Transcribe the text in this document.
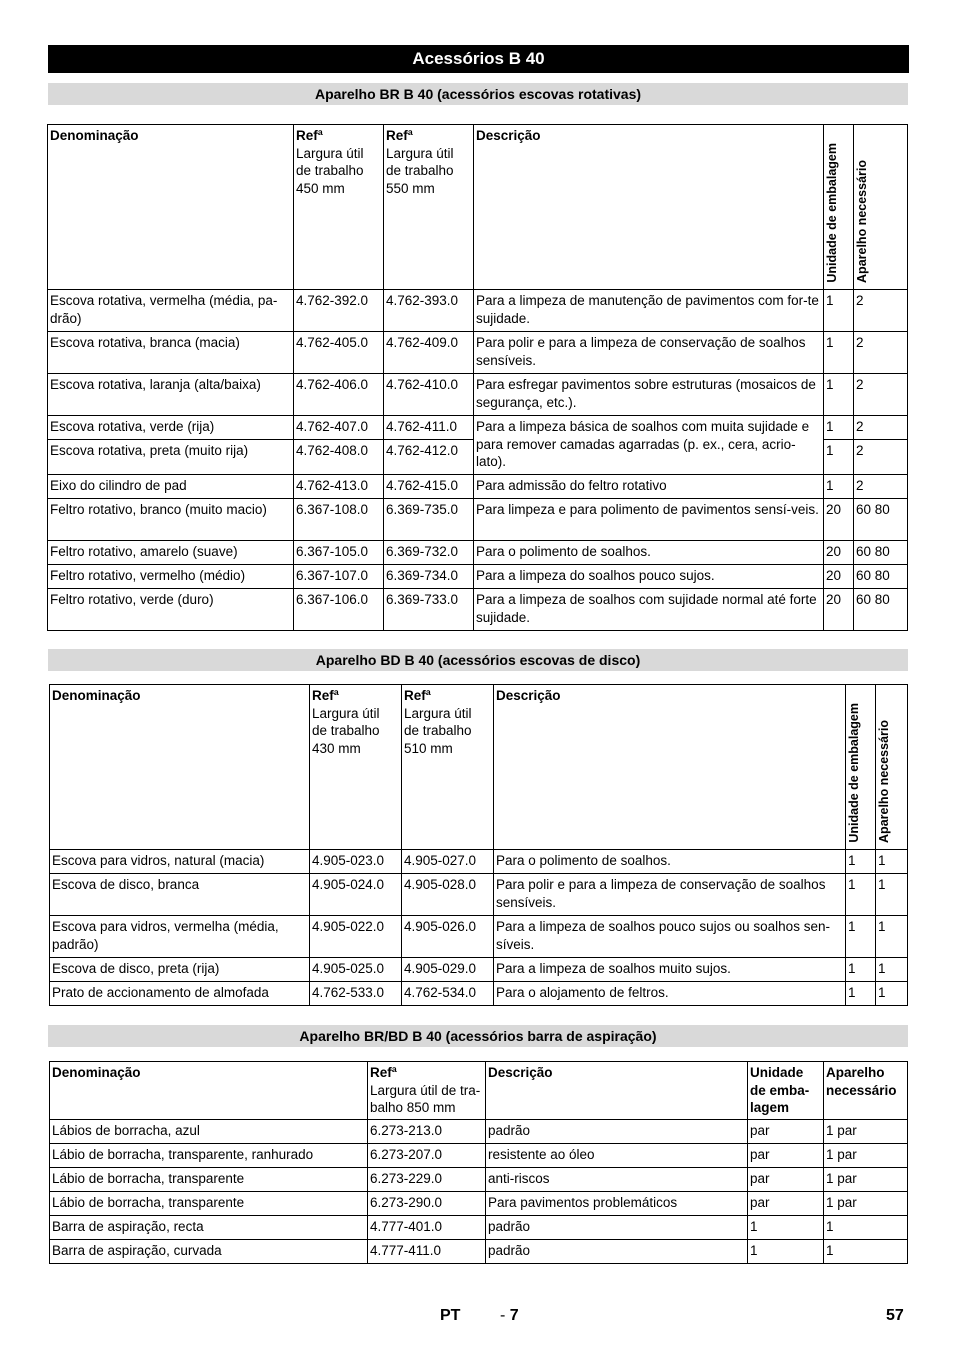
Acessórios B 40
Aparelho BR B 40 (acessórios escovas rotativas)
Denominação	Refª
Largura útil
de trabalho
450 mm	Refª
Largura útil
de trabalho
550 mm	Descrição	Unidade de embalagem	Aparelho necessário
Escova rotativa, vermelha (média, pa-drão)	4.762-392.0	4.762-393.0	Para a limpeza de manutenção de pavimentos com for-te sujidade.	1	2
Escova rotativa, branca (macia)	4.762-405.0	4.762-409.0	Para polir e para a limpeza de conservação de soalhos sensíveis.	1	2
Escova rotativa, laranja (alta/baixa)	4.762-406.0	4.762-410.0	Para esfregar pavimentos sobre estruturas (mosaicos de segurança, etc.).	1	2
Escova rotativa, verde (rija)	4.762-407.0	4.762-411.0	Para a limpeza básica de soalhos com muita sujidade e para remover camadas agarradas (p. ex., cera, acrio-lato).	1	2
Escova rotativa, preta (muito rija)	4.762-408.0	4.762-412.0		1	2
Eixo do cilindro de pad	4.762-413.0	4.762-415.0	Para admissão do feltro rotativo	1	2
Feltro rotativo, branco (muito macio)	6.367-108.0	6.369-735.0	Para limpeza e para polimento de pavimentos sensí-veis.	20	60 80
Feltro rotativo, amarelo (suave)	6.367-105.0	6.369-732.0	Para o polimento de soalhos.	20	60 80
Feltro rotativo, vermelho (médio)	6.367-107.0	6.369-734.0	Para a limpeza do soalhos pouco sujos.	20	60 80
Feltro rotativo, verde (duro)	6.367-106.0	6.369-733.0	Para a limpeza de soalhos com sujidade normal até forte sujidade.	20	60 80
Aparelho BD B 40 (acessórios escovas de disco)
Denominação	Refª
Largura útil
de trabalho
430 mm	Refª
Largura útil
de trabalho
510 mm	Descrição	Unidade de embalagem	Aparelho necessário
Escova para vidros, natural (macia)	4.905-023.0	4.905-027.0	Para o polimento de soalhos.	1	1
Escova de disco, branca	4.905-024.0	4.905-028.0	Para polir e para a limpeza de conservação de soalhos sensíveis.	1	1
Escova para vidros, vermelha (média, padrão)	4.905-022.0	4.905-026.0	Para a limpeza de soalhos pouco sujos ou soalhos sen-síveis.	1	1
Escova de disco, preta (rija)	4.905-025.0	4.905-029.0	Para a limpeza de soalhos muito sujos.	1	1
Prato de accionamento de almofada	4.762-533.0	4.762-534.0	Para o alojamento de feltros.	1	1
Aparelho BR/BD B 40 (acessórios barra de aspiração)
Denominação	Refª
Largura útil de tra-
balho 850 mm	Descrição	Unidade
de emba-
lagem	Aparelho
necessário

Lábios de borracha, azul	6.273-213.0	padrão	par	1 par
Lábio de borracha, transparente, ranhurado	6.273-207.0	resistente ao óleo	par	1 par
Lábio de borracha, transparente	6.273-229.0	anti-riscos	par	1 par
Lábio de borracha, transparente	6.273-290.0	Para pavimentos problemáticos	par	1 par
Barra de aspiração, recta	4.777-401.0	padrão	1	1
Barra de aspiração, curvada	4.777-411.0	padrão	1	1
PT - 7	57
